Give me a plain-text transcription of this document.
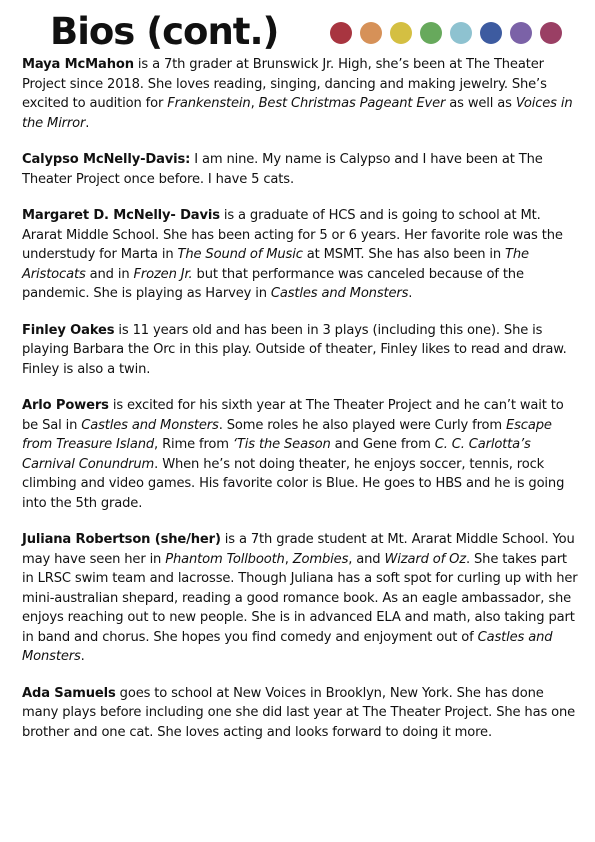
Bios (cont.)

Maya McMahon is a 7th grader at Brunswick Jr. High, she’s been at The Theater Project since 2018. She loves reading, singing, dancing and making jewelry. She’s excited to audition for Frankenstein, Best Christmas Pageant Ever as well as Voices in the Mirror.

Calypso McNelly-Davis: I am nine. My name is Calypso and I have been at The Theater Project once before. I have 5 cats.

Margaret D. McNelly- Davis is a graduate of HCS and is going to school at Mt. Ararat Middle School. She has been acting for 5 or 6 years. Her favorite role was the understudy for Marta in The Sound of Music at MSMT. She has also been in The Aristocats and in Frozen Jr. but that performance was canceled because of the pandemic. She is playing as Harvey in Castles and Monsters.

Finley Oakes is 11 years old and has been in 3 plays (including this one). She is playing Barbara the Orc in this play. Outside of theater, Finley likes to read and draw. Finley is also a twin.

Arlo Powers is excited for his sixth year at The Theater Project and he can’t wait to be Sal in Castles and Monsters. Some roles he also played were Curly from Escape from Treasure Island, Rime from ‘Tis the Season and Gene from C. C. Carlotta’s Carnival Conundrum. When he’s not doing theater, he enjoys soccer, tennis, rock climbing and video games. His favorite color is Blue. He goes to HBS and he is going into the 5th grade.

Juliana Robertson (she/her) is a 7th grade student at Mt. Ararat Middle School. You may have seen her in Phantom Tollbooth, Zombies, and Wizard of Oz. She takes part in LRSC swim team and lacrosse. Though Juliana has a soft spot for curling up with her mini-australian shepard, reading a good romance book. As an eagle ambassador, she enjoys reaching out to new people. She is in advanced ELA and math, also taking part in band and chorus. She hopes you find comedy and enjoyment out of Castles and Monsters.

Ada Samuels goes to school at New Voices in Brooklyn, New York. She has done many plays before including one she did last year at The Theater Project. She has one brother and one cat. She loves acting and looks forward to doing it more.
